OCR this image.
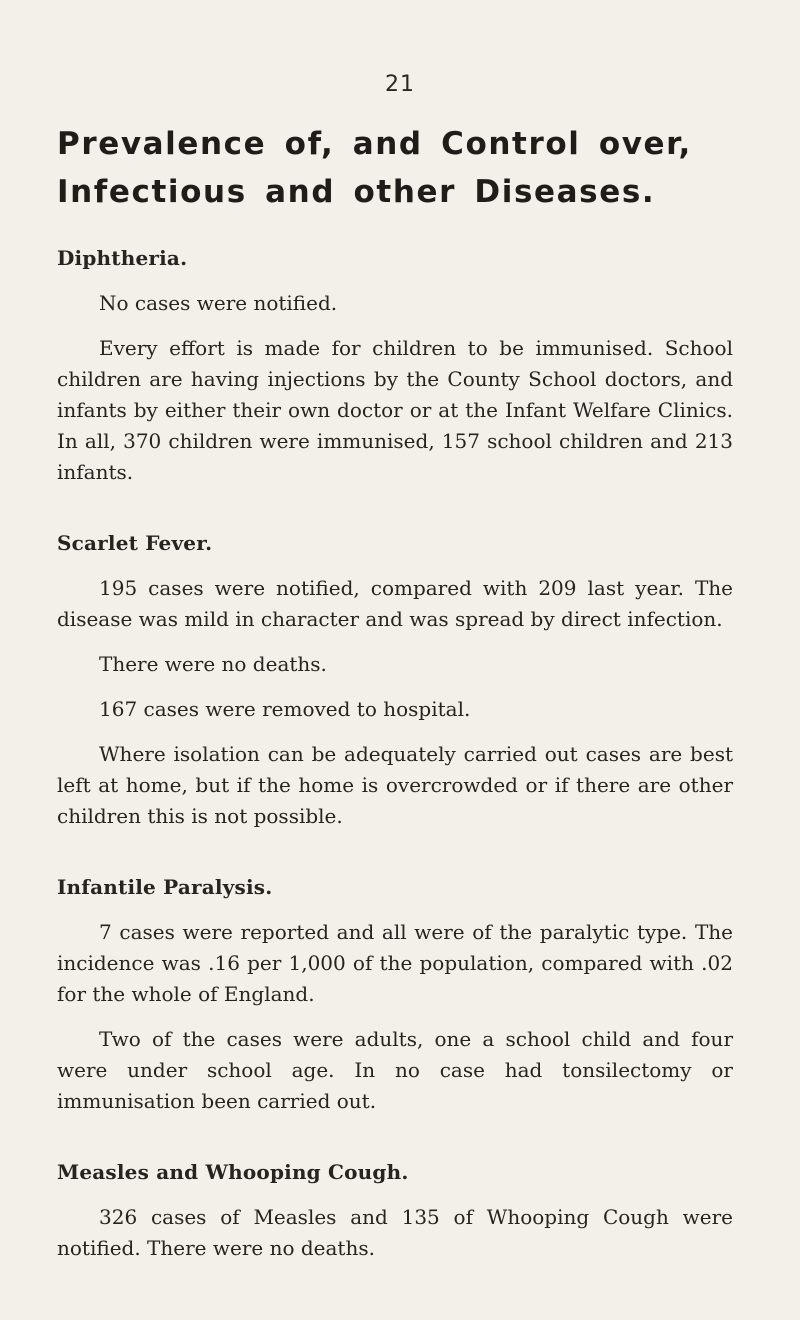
21
Prevalence of, and Control over,
Infectious and other Diseases.
Diphtheria.

No cases were notified.

Every effort is made for children to be immunised. School children are having injections by the County School doctors, and infants by either their own doctor or at the Infant Welfare Clinics. In all, 370 children were immunised, 157 school children and 213 infants.

Scarlet Fever.

195 cases were notified, compared with 209 last year. The disease was mild in character and was spread by direct infection.

There were no deaths.

167 cases were removed to hospital.

Where isolation can be adequately carried out cases are best left at home, but if the home is overcrowded or if there are other children this is not possible.

Infantile Paralysis.

7 cases were reported and all were of the paralytic type. The incidence was .16 per 1,000 of the population, compared with .02 for the whole of England.

Two of the cases were adults, one a school child and four were under school age. In no case had tonsilectomy or immunisation been carried out.

Measles and Whooping Cough.

326 cases of Measles and 135 of Whooping Cough were notified. There were no deaths.
